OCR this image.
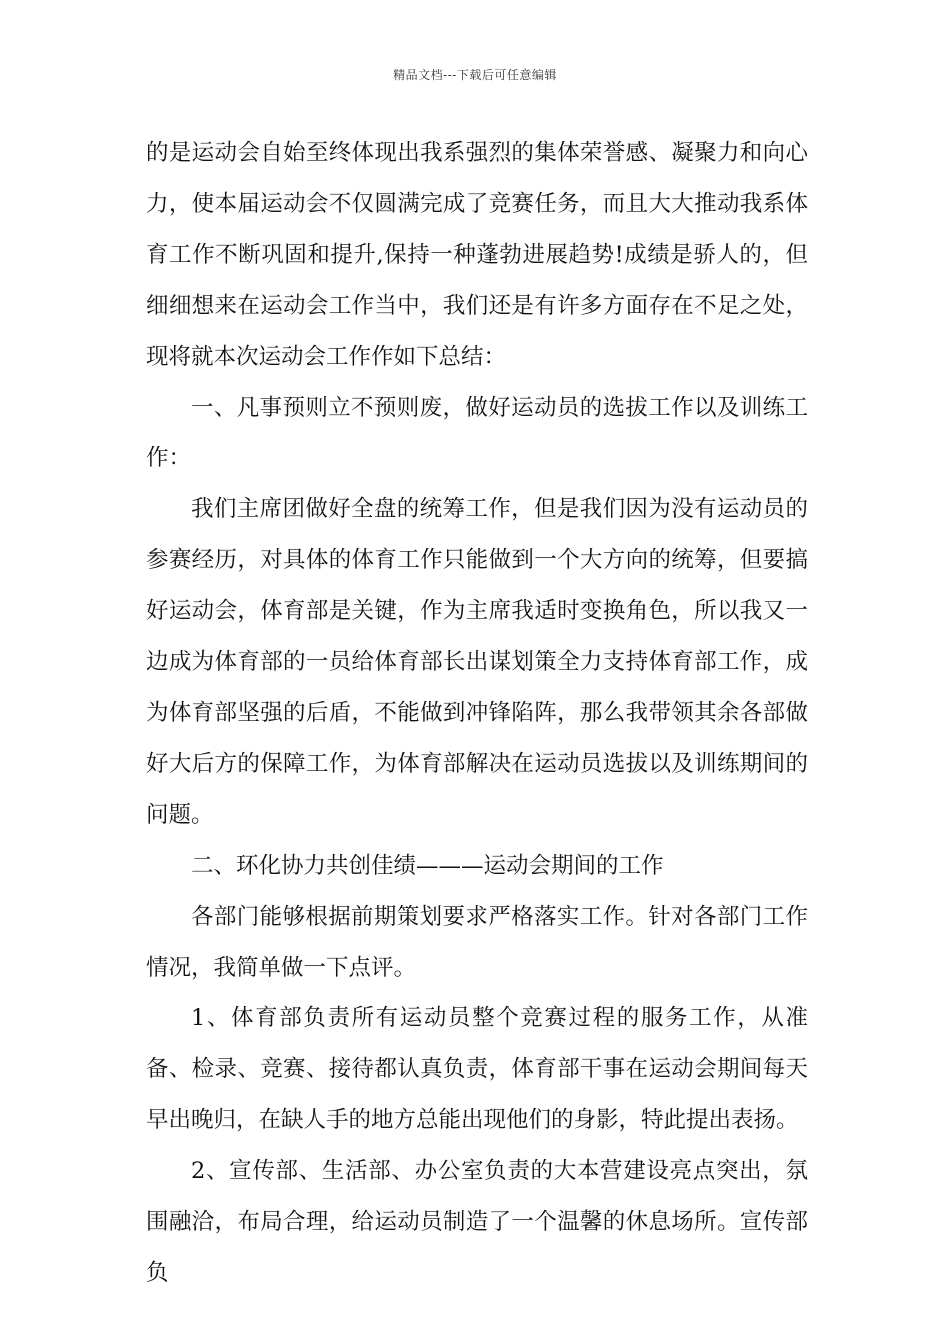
精品文档---下载后可任意编辑

的是运动会自始至终体现出我系强烈的集体荣誉感、凝聚力和向心力，使本届运动会不仅圆满完成了竞赛任务，而且大大推动我系体育工作不断巩固和提升,保持一种蓬勃进展趋势!成绩是骄人的，但细细想来在运动会工作当中，我们还是有许多方面存在不足之处，现将就本次运动会工作作如下总结：

一、凡事预则立不预则废，做好运动员的选拔工作以及训练工作：

我们主席团做好全盘的统筹工作，但是我们因为没有运动员的参赛经历，对具体的体育工作只能做到一个大方向的统筹，但要搞好运动会，体育部是关键，作为主席我适时变换角色，所以我又一边成为体育部的一员给体育部长出谋划策全力支持体育部工作，成为体育部坚强的后盾，不能做到冲锋陷阵，那么我带领其余各部做好大后方的保障工作，为体育部解决在运动员选拔以及训练期间的问题。

二、环化协力共创佳绩———运动会期间的工作

各部门能够根据前期策划要求严格落实工作。针对各部门工作情况，我简单做一下点评。

1、体育部负责所有运动员整个竞赛过程的服务工作，从准备、检录、竞赛、接待都认真负责，体育部干事在运动会期间每天早出晚归，在缺人手的地方总能出现他们的身影，特此提出表扬。

2、宣传部、生活部、办公室负责的大本营建设亮点突出，氛围融洽，布局合理，给运动员制造了一个温馨的休息场所。宣传部负
